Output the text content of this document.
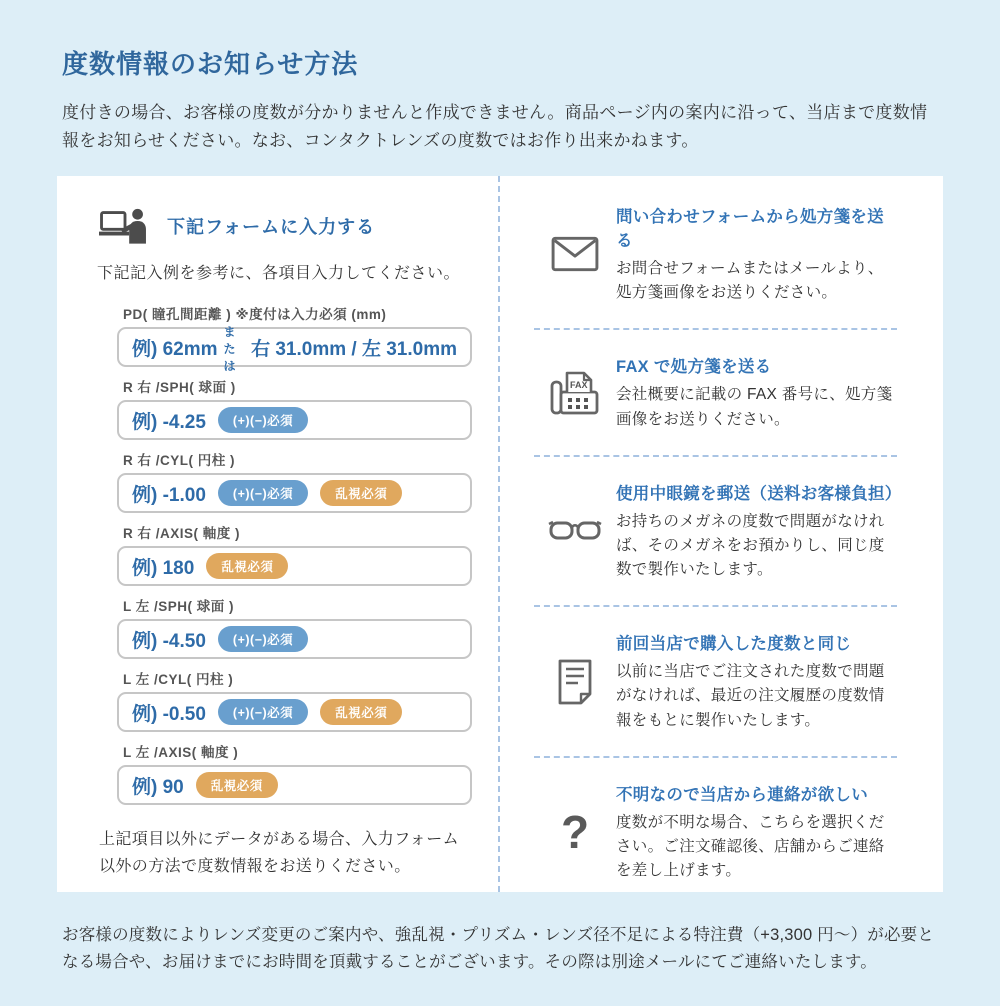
度数情報のお知らせ方法

度付きの場合、お客様の度数が分かりませんと作成できません。商品ページ内の案内に沿って、当店まで度数情報をお知らせください。なお、コンタクトレンズの度数ではお作り出来かねます。

下記フォームに入力する

下記記入例を参考に、各項目入力してください。

PD( 瞳孔間距離 ) ※度付は入力必須 (mm)
例) 62mm
または
右 31.0mm / 左 31.0mm
R 右 /SPH( 球面 )
例) -4.25	(+)(−)必須
R 右 /CYL( 円柱 )
例) -1.00	(+)(−)必須	乱視必須
R 右 /AXIS( 軸度 )
例) 180	乱視必須
L 左 /SPH( 球面 )
例) -4.50	(+)(−)必須
L 左 /CYL( 円柱 )
例) -0.50	(+)(−)必須	乱視必須
L 左 /AXIS( 軸度 )
例) 90	乱視必須

上記項目以外にデータがある場合、入力フォーム以外の方法で度数情報をお送りください。

問い合わせフォームから処方箋を送る

お問合せフォームまたはメールより、処方箋画像をお送りください。

FAX

FAX で処方箋を送る

会社概要に記載の FAX 番号に、処方箋画像をお送りください。

使用中眼鏡を郵送（送料お客様負担）

お持ちのメガネの度数で問題がなければ、そのメガネをお預かりし、同じ度数で製作いたします。

前回当店で購入した度数と同じ

以前に当店でご注文された度数で問題がなければ、最近の注文履歴の度数情報をもとに製作いたします。

?

不明なので当店から連絡が欲しい

度数が不明な場合、こちらを選択ください。ご注文確認後、店舗からご連絡を差し上げます。

お客様の度数によりレンズ変更のご案内や、強乱視・プリズム・レンズ径不足による特注費（+3,300 円〜）が必要となる場合や、お届けまでにお時間を頂戴することがございます。その際は別途メールにてご連絡いたします。
